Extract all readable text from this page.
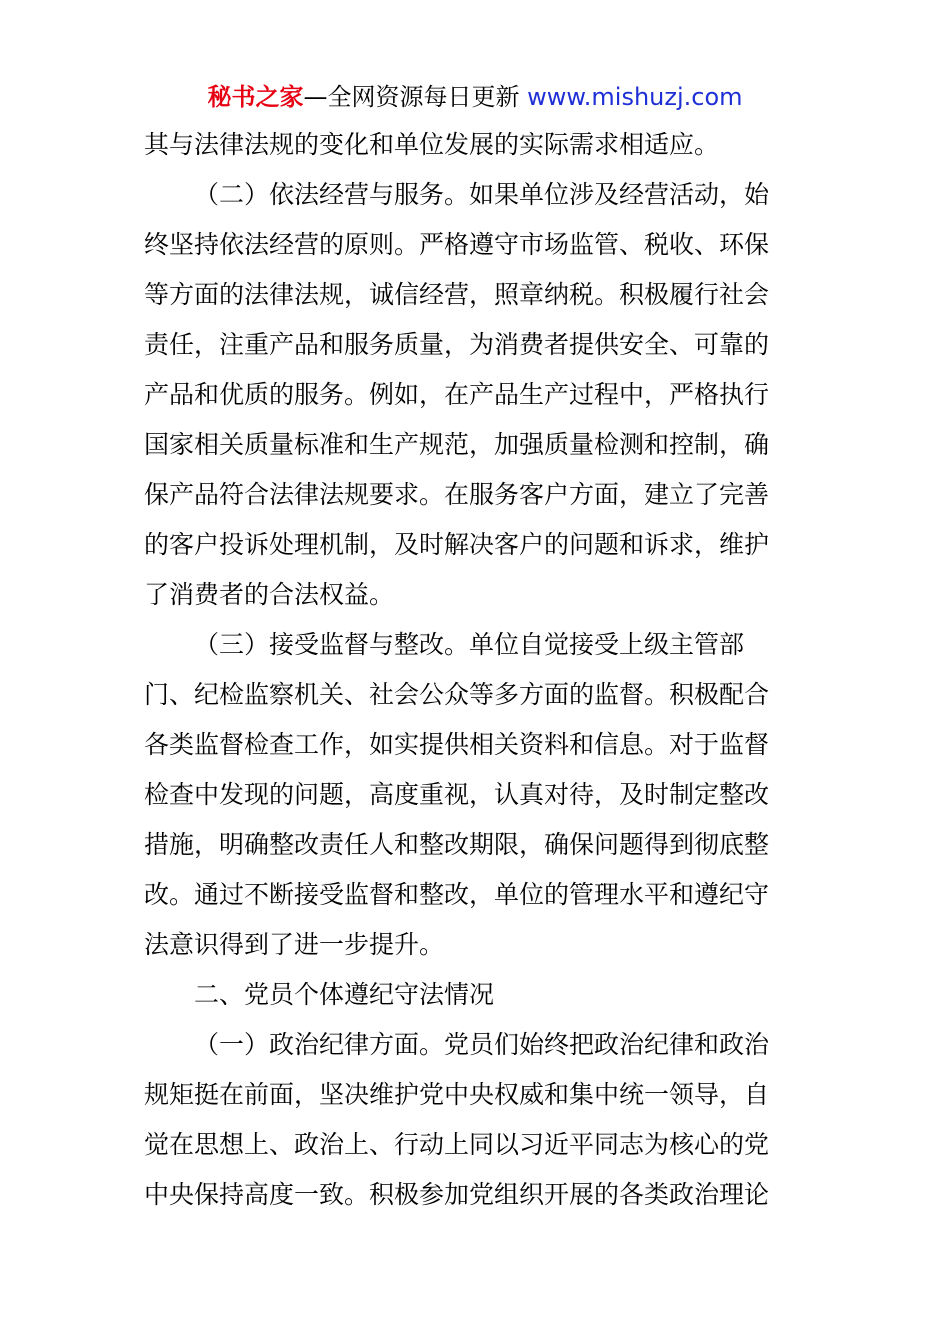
秘书之家—全网资源每日更新 www.mishuzj.com
其与法律法规的变化和单位发展的实际需求相适应。
（二）依法经营与服务。如果单位涉及经营活动，始
终坚持依法经营的原则。严格遵守市场监管、税收、环保
等方面的法律法规，诚信经营，照章纳税。积极履行社会
责任，注重产品和服务质量，为消费者提供安全、可靠的
产品和优质的服务。例如，在产品生产过程中，严格执行
国家相关质量标准和生产规范，加强质量检测和控制，确
保产品符合法律法规要求。在服务客户方面，建立了完善
的客户投诉处理机制，及时解决客户的问题和诉求，维护
了消费者的合法权益。
（三）接受监督与整改。单位自觉接受上级主管部
门、纪检监察机关、社会公众等多方面的监督。积极配合
各类监督检查工作，如实提供相关资料和信息。对于监督
检查中发现的问题，高度重视，认真对待，及时制定整改
措施，明确整改责任人和整改期限，确保问题得到彻底整
改。通过不断接受监督和整改，单位的管理水平和遵纪守
法意识得到了进一步提升。
二、党员个体遵纪守法情况
（一）政治纪律方面。党员们始终把政治纪律和政治
规矩挺在前面，坚决维护党中央权威和集中统一领导，自
觉在思想上、政治上、行动上同以习近平同志为核心的党
中央保持高度一致。积极参加党组织开展的各类政治理论
